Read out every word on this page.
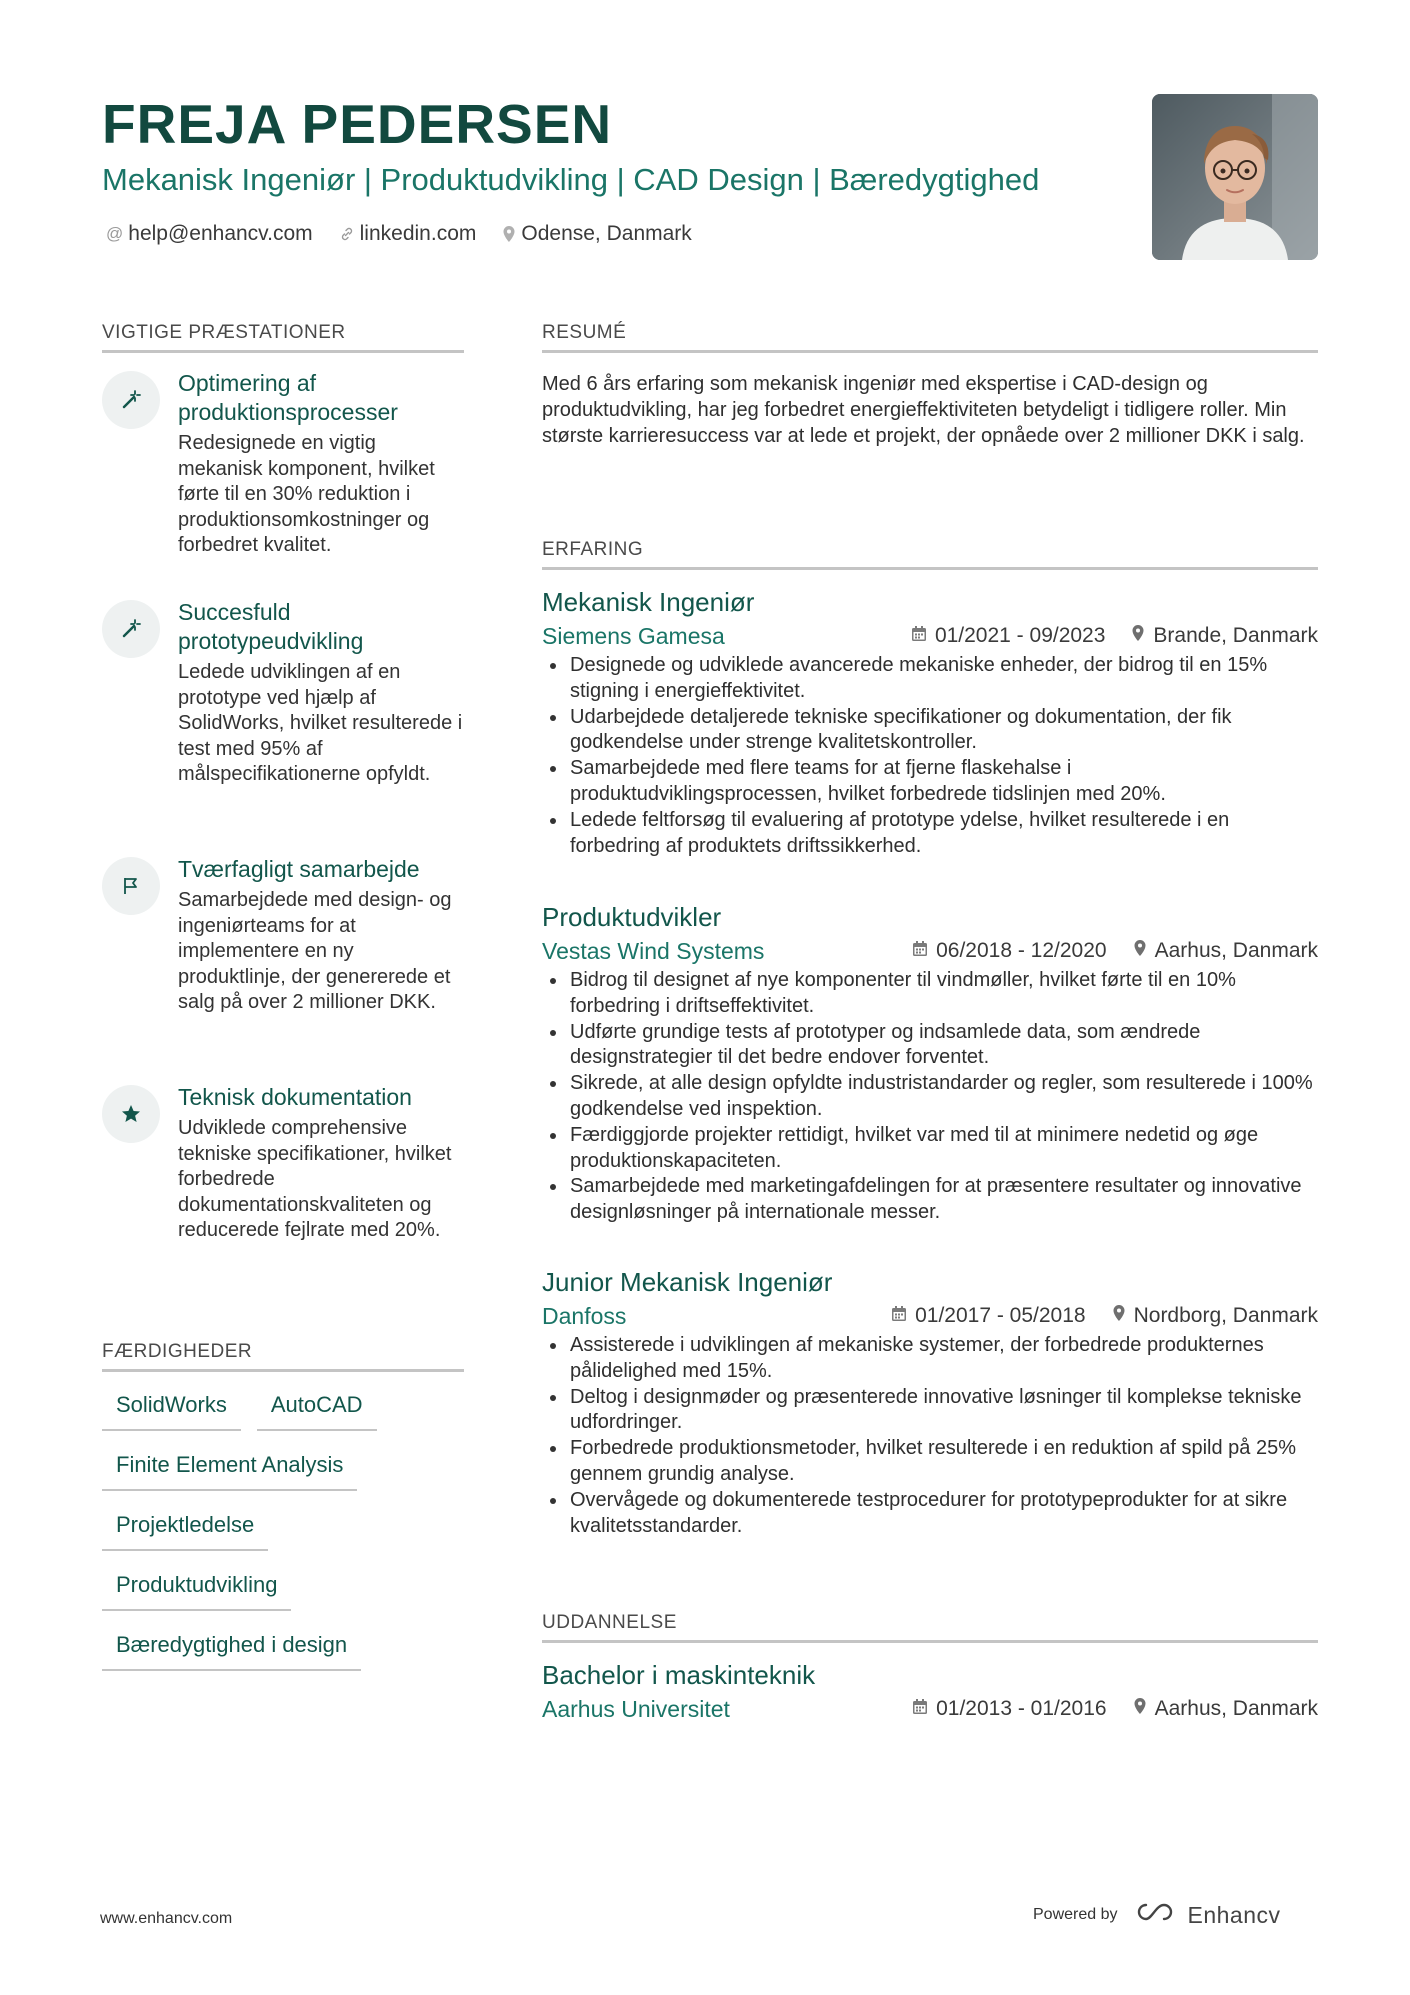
FREJA PEDERSEN
Mekanisk Ingeniør | Produktudvikling | CAD Design | Bæredygtighed
@ help@enhancv.com linkedin.com Odense, Danmark
VIGTIGE PRÆSTATIONER
Optimering af produktionsprocesser
Redesignede en vigtig mekanisk komponent, hvilket førte til en 30% reduktion i produktionsomkostninger og forbedret kvalitet.
Succesfuld prototypeudvikling
Ledede udviklingen af en prototype ved hjælp af SolidWorks, hvilket resulterede i test med 95% af målspecifikationerne opfyldt.
Tværfagligt samarbejde
Samarbejdede med design- og ingeniørteams for at implementere en ny produktlinje, der genererede et salg på over 2 millioner DKK.
Teknisk dokumentation
Udviklede comprehensive tekniske specifikationer, hvilket forbedrede dokumentationskvaliteten og reducerede fejlrate med 20%.
FÆRDIGHEDER
SolidWorks	AutoCAD
Finite Element Analysis
Projektledelse
Produktudvikling
Bæredygtighed i design
RESUMÉ

Med 6 års erfaring som mekanisk ingeniør med ekspertise i CAD-design og produktudvikling, har jeg forbedret energieffektiviteten betydeligt i tidligere roller. Min største karrieresuccess var at lede et projekt, der opnåede over 2 millioner DKK i salg.

ERFARING
Mekanisk Ingeniør
Siemens Gamesa	01/2021 - 09/2023 Brande, Danmark
Designede og udviklede avancerede mekaniske enheder, der bidrog til en 15% stigning i energieffektivitet.
Udarbejdede detaljerede tekniske specifikationer og dokumentation, der fik godkendelse under strenge kvalitetskontroller.
Samarbejdede med flere teams for at fjerne flaskehalse i produktudviklingsprocessen, hvilket forbedrede tidslinjen med 20%.
Ledede feltforsøg til evaluering af prototype ydelse, hvilket resulterede i en forbedring af produktets driftssikkerhed.
Produktudvikler
Vestas Wind Systems	06/2018 - 12/2020 Aarhus, Danmark
Bidrog til designet af nye komponenter til vindmøller, hvilket førte til en 10% forbedring i driftseffektivitet.
Udførte grundige tests af prototyper og indsamlede data, som ændrede designstrategier til det bedre endover forventet.
Sikrede, at alle design opfyldte industristandarder og regler, som resulterede i 100% godkendelse ved inspektion.
Færdiggjorde projekter rettidigt, hvilket var med til at minimere nedetid og øge produktionskapaciteten.
Samarbejdede med marketingafdelingen for at præsentere resultater og innovative designløsninger på internationale messer.
Junior Mekanisk Ingeniør
Danfoss	01/2017 - 05/2018 Nordborg, Danmark
Assisterede i udviklingen af mekaniske systemer, der forbedrede produkternes pålidelighed med 15%.
Deltog i designmøder og præsenterede innovative løsninger til komplekse tekniske udfordringer.
Forbedrede produktionsmetoder, hvilket resulterede i en reduktion af spild på 25% gennem grundig analyse.
Overvågede og dokumenterede testprocedurer for prototypeprodukter for at sikre kvalitetsstandarder.
UDDANNELSE
Bachelor i maskinteknik
Aarhus Universitet	01/2013 - 01/2016 Aarhus, Danmark
www.enhancv.com	Powered by	Enhancv
